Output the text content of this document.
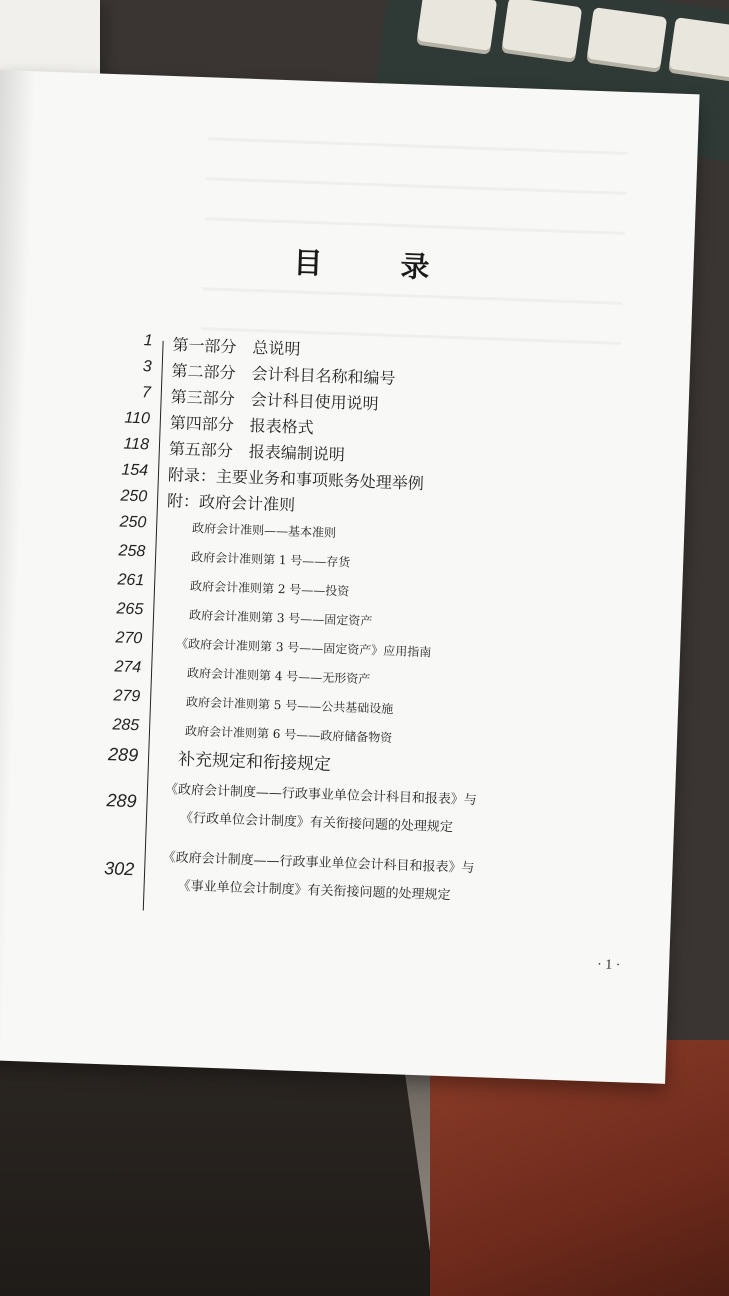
目 录
1 第一部分　总说明
3 第二部分　会计科目名称和编号
7 第三部分　会计科目使用说明
110 第四部分　报表格式
118 第五部分　报表编制说明
154 附录：主要业务和事项账务处理举例
250 附：政府会计准则
250	政府会计准则——基本准则
258	政府会计准则第 1 号——存货
261	政府会计准则第 2 号——投资
265	政府会计准则第 3 号——固定资产
270	《政府会计准则第 3 号——固定资产》应用指南
274	政府会计准则第 4 号——无形资产
279	政府会计准则第 5 号——公共基础设施
285	政府会计准则第 6 号——政府储备物资
289 补充规定和衔接规定
289 《政府会计制度——行政事业单位会计科目和报表》与
《行政单位会计制度》有关衔接问题的处理规定
302 《政府会计制度——行政事业单位会计科目和报表》与
《事业单位会计制度》有关衔接问题的处理规定
· 1 ·
